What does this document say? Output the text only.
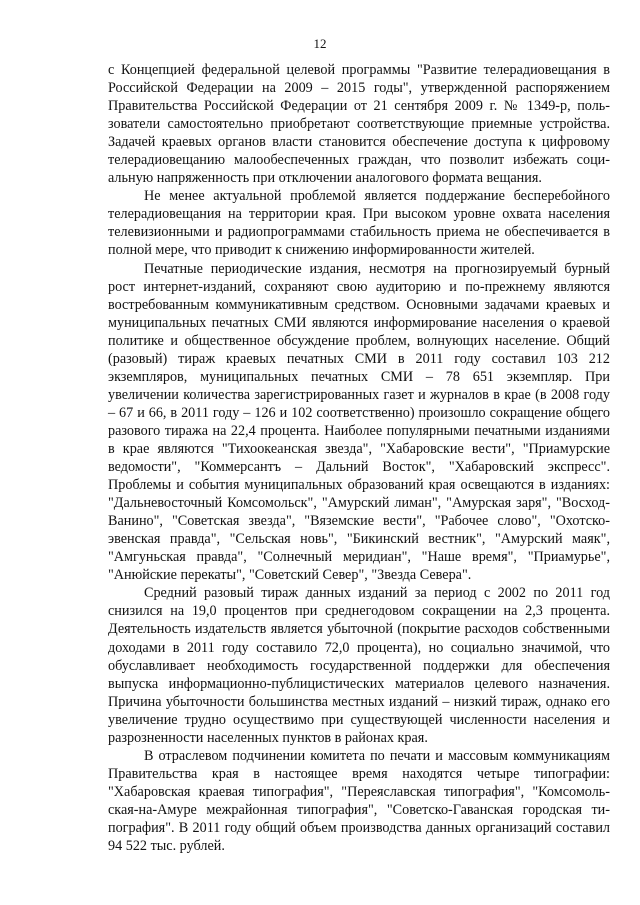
12

с Концепцией федеральной целевой программы "Развитие телерадиовещания в Российской Федерации на 2009 – 2015 годы", утвержденной распоряжением Правительства Российской Федерации от 21 сентября 2009 г. № 1349-р, пользователи самостоятельно приобретают соответствующие приемные устройства. Задачей краевых органов власти становится обеспечение доступа к цифровому телерадиовещанию малообеспеченных граждан, что позволит избежать социальную напряженность при отключении аналогового формата вещания.

Не менее актуальной проблемой является поддержание бесперебойного телерадиовещания на территории края. При высоком уровне охвата населения телевизионными и радиопрограммами стабильность приема не обеспечивается в полной мере, что приводит к снижению информированности жителей.

Печатные периодические издания, несмотря на прогнозируемый бурный рост интернет-изданий, сохраняют свою аудиторию и по-прежнему являются востребованным коммуникативным средством. Основными задачами краевых и муниципальных печатных СМИ являются информирование населения о краевой политике и общественное обсуждение проблем, волнующих население. Общий (разовый) тираж краевых печатных СМИ в 2011 году составил 103 212 экземпляров, муниципальных печатных СМИ – 78 651 экземпляр. При увеличении количества зарегистрированных газет и журналов в крае (в 2008 году – 67 и 66, в 2011 году – 126 и 102 соответственно) произошло сокращение общего разового тиража на 22,4 процента. Наиболее популярными печатными изданиями в крае являются "Тихоокеанская звезда", "Хабаровские вести", "Приамурские ведомости", "Коммерсантъ – Дальний Восток", "Хабаровский экспресс". Проблемы и события муниципальных образований края освещаются в изданиях: "Дальневосточный Комсомольск", "Амурский лиман", "Амурская заря", "Восход-Ванино", "Советская звезда", "Вяземские вести", "Рабочее слово", "Охотско-эвенская правда", "Сельская новь", "Бикинский вестник", "Амурский маяк", "Амгуньская правда", "Солнечный меридиан", "Наше время", "Приамурье", "Анюйские перекаты", "Советский Север", "Звезда Севера".

Средний разовый тираж данных изданий за период с 2002 по 2011 год снизился на 19,0 процентов при среднегодовом сокращении на 2,3 процента. Деятельность издательств является убыточной (покрытие расходов собственными доходами в 2011 году составило 72,0 процента), но социально значимой, что обуславливает необходимость государственной поддержки для обеспечения выпуска информационно-публицистических материалов целевого назначения. Причина убыточности большинства местных изданий – низкий тираж, однако его увеличение трудно осуществимо при существующей численности населения и разрозненности населенных пунктов в районах края.

В отраслевом подчинении комитета по печати и массовым коммуникациям Правительства края в настоящее время находятся четыре типографии: "Хабаровская краевая типография", "Переяславская типография", "Комсомольская-на-Амуре межрайонная типография", "Советско-Гаванская городская типография". В 2011 году общий объем производства данных организаций составил 94 522 тыс. рублей.
